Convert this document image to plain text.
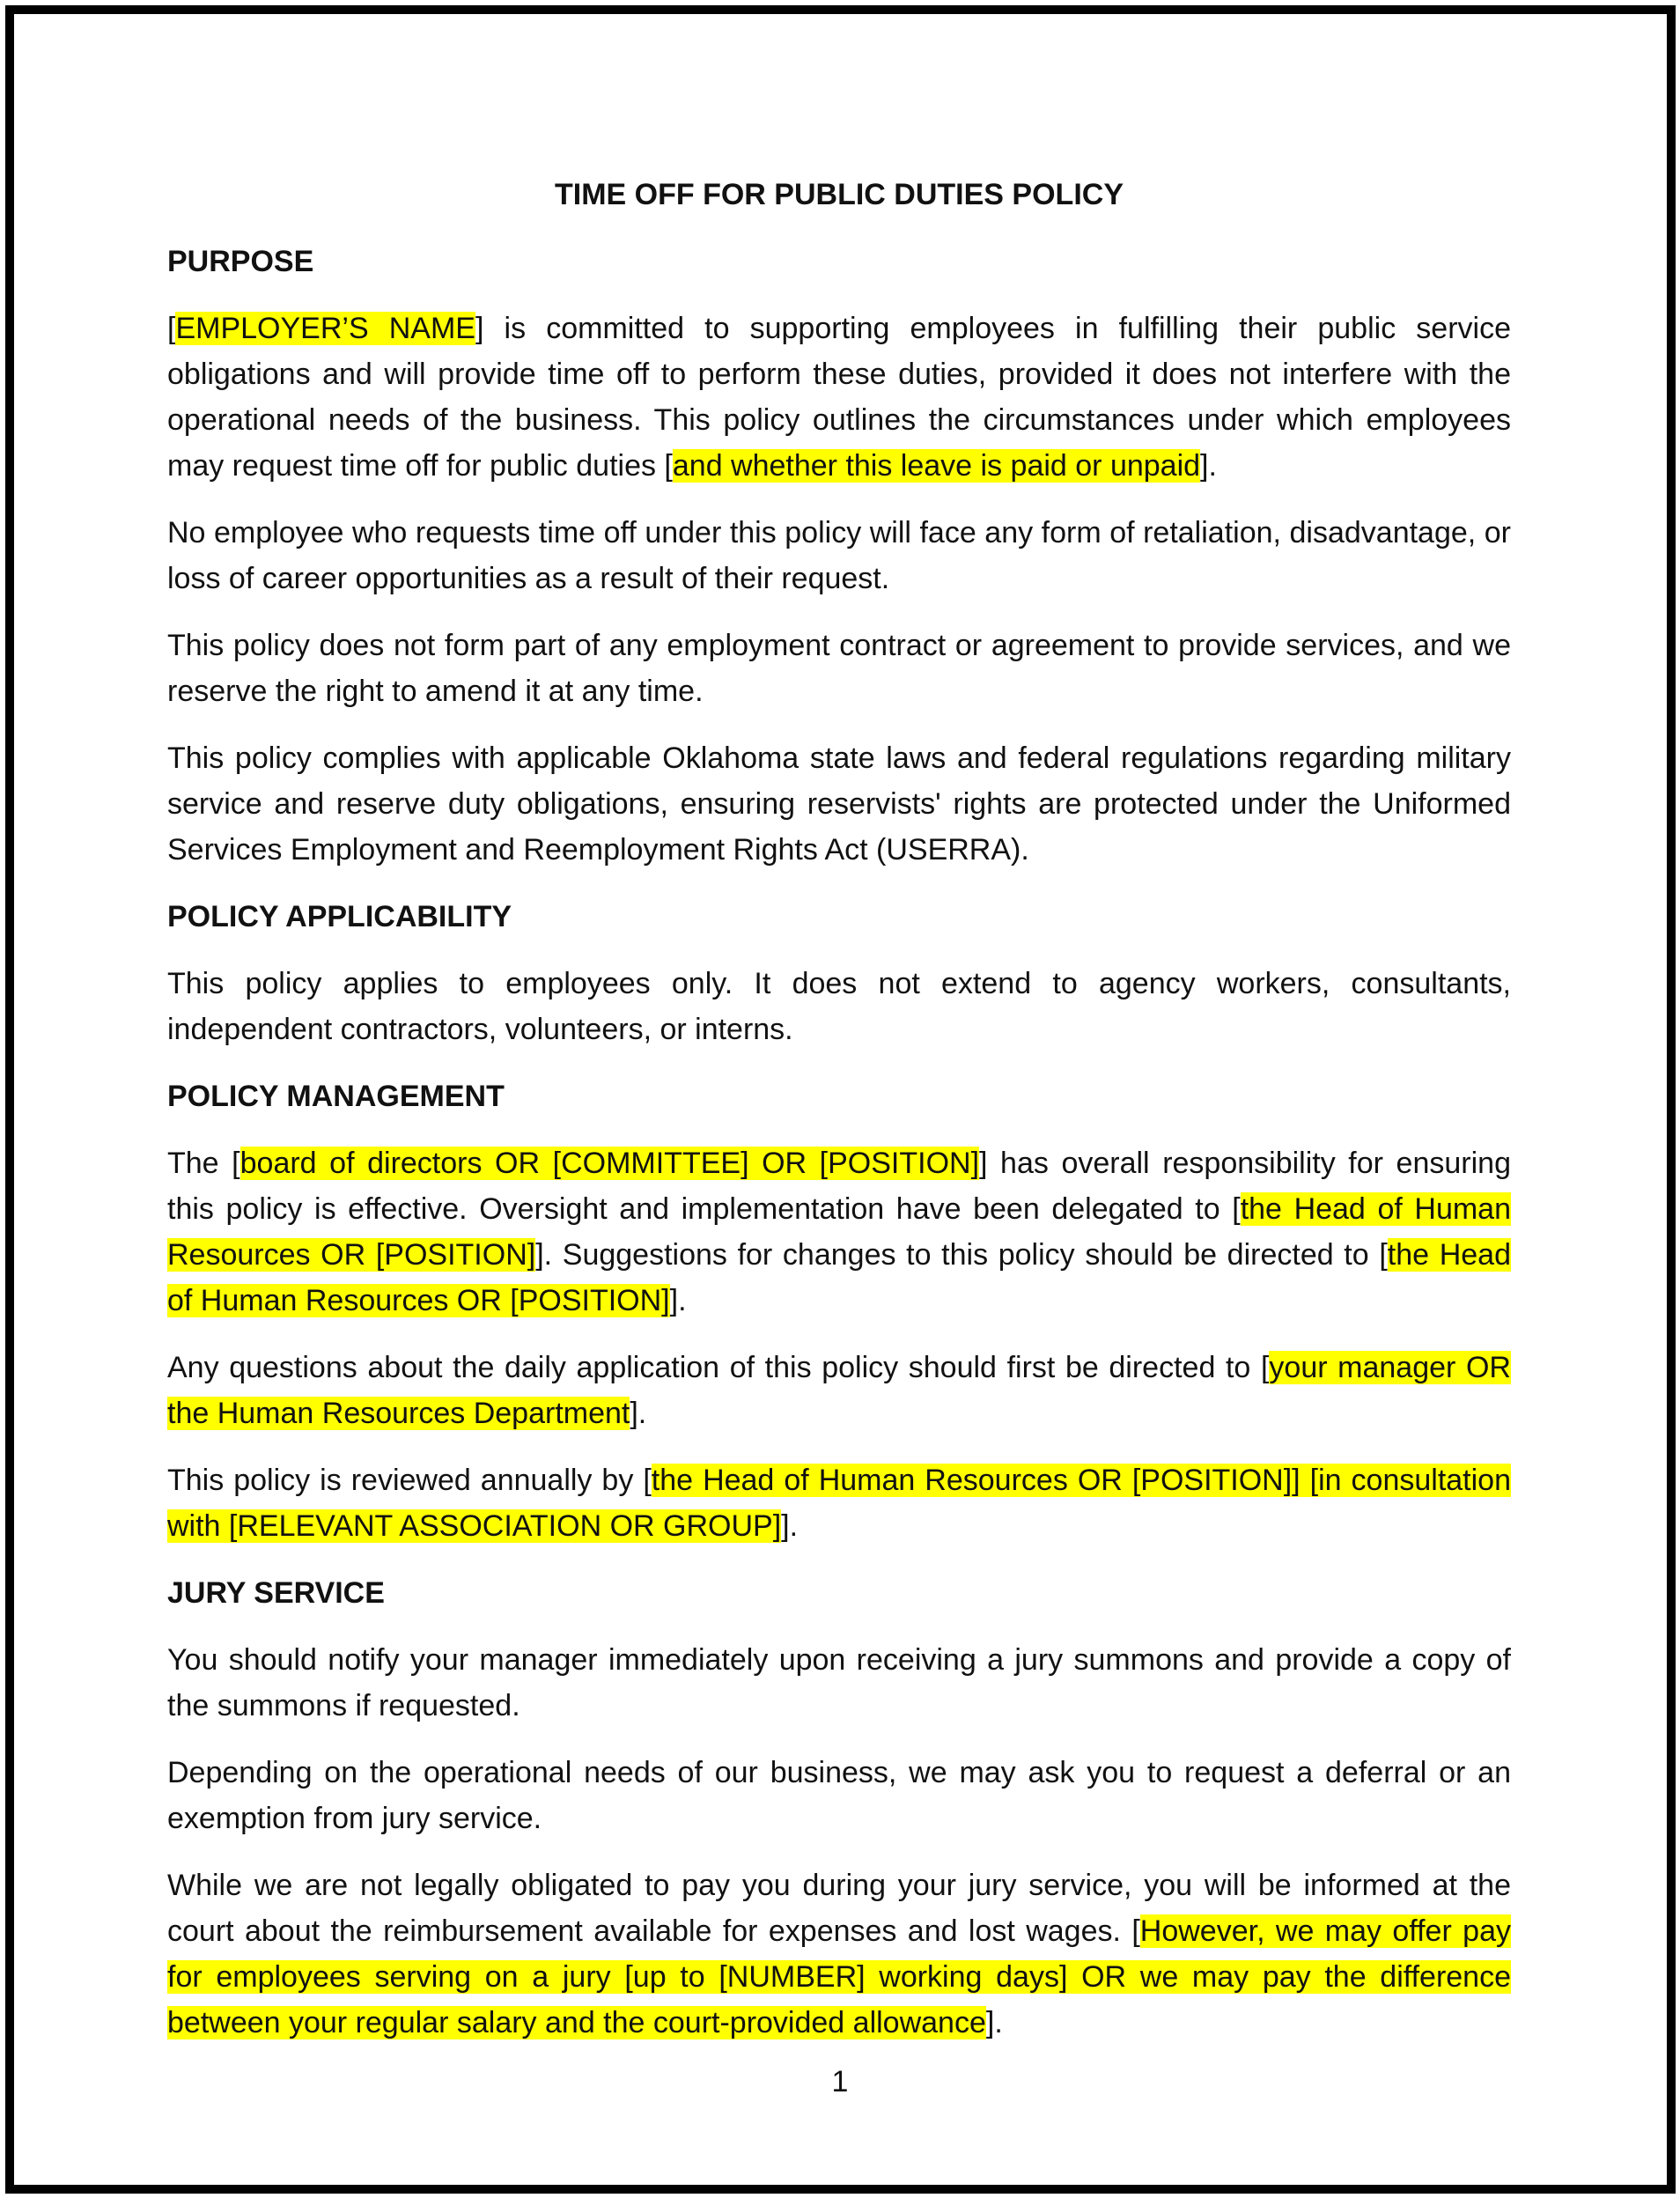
TIME OFF FOR PUBLIC DUTIES POLICY
PURPOSE

[EMPLOYER’S NAME] is committed to supporting employees in fulfilling their public service obligations and will provide time off to perform these duties, provided it does not interfere with the operational needs of the business. This policy outlines the circumstances under which employees may request time off for public duties [and whether this leave is paid or unpaid].

No employee who requests time off under this policy will face any form of retaliation, disadvantage, or loss of career opportunities as a result of their request.

This policy does not form part of any employment contract or agreement to provide services, and we reserve the right to amend it at any time.

This policy complies with applicable Oklahoma state laws and federal regulations regarding military service and reserve duty obligations, ensuring reservists' rights are protected under the Uniformed Services Employment and Reemployment Rights Act (USERRA).

POLICY APPLICABILITY

This policy applies to employees only. It does not extend to agency workers, consultants, independent contractors, volunteers, or interns.

POLICY MANAGEMENT

The [board of directors OR [COMMITTEE] OR [POSITION]] has overall responsibility for ensuring this policy is effective. Oversight and implementation have been delegated to [the Head of Human Resources OR [POSITION]]. Suggestions for changes to this policy should be directed to [the Head of Human Resources OR [POSITION]].

Any questions about the daily application of this policy should first be directed to [your manager OR the Human Resources Department].

This policy is reviewed annually by [the Head of Human Resources OR [POSITION]] [in consultation with [RELEVANT ASSOCIATION OR GROUP]].

JURY SERVICE

You should notify your manager immediately upon receiving a jury summons and provide a copy of the summons if requested.

Depending on the operational needs of our business, we may ask you to request a deferral or an exemption from jury service.

While we are not legally obligated to pay you during your jury service, you will be informed at the court about the reimbursement available for expenses and lost wages. [However, we may offer pay for employees serving on a jury [up to [NUMBER] working days] OR we may pay the difference between your regular salary and the court-provided allowance].

1
